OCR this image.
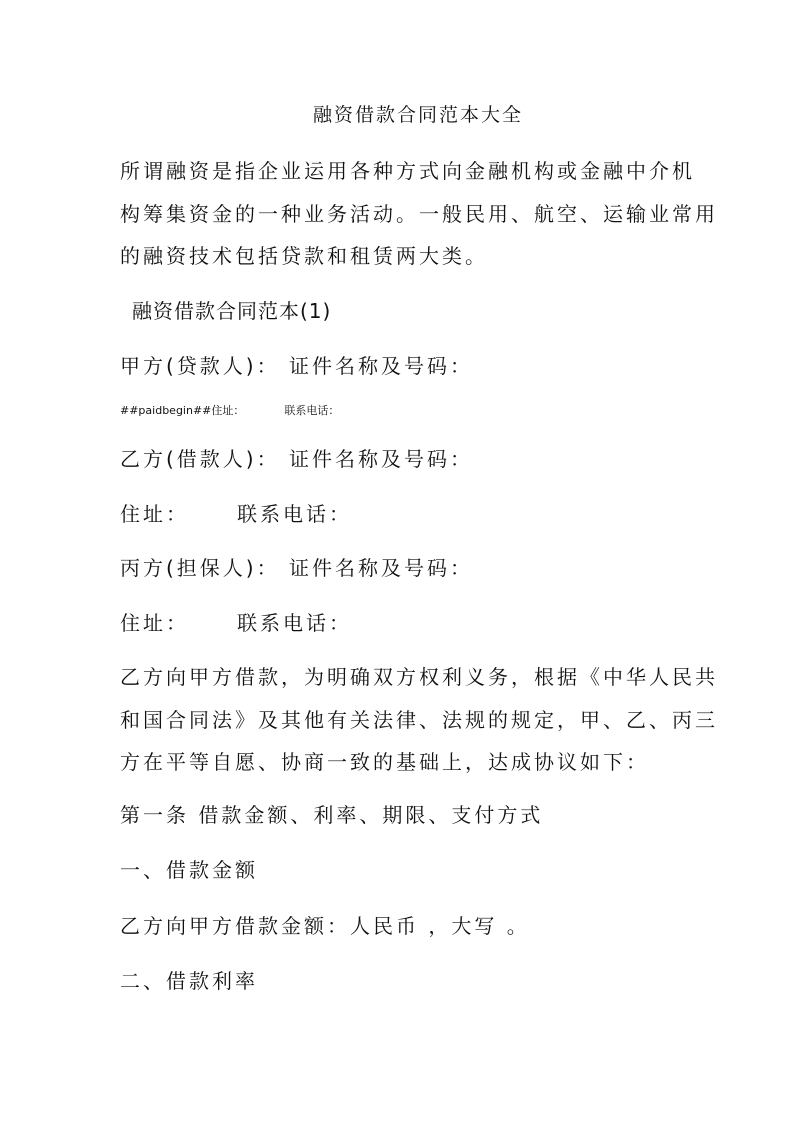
融资借款合同范本大全
所谓融资是指企业运用各种方式向金融机构或金融中介机
构筹集资金的一种业务活动。一般民用、航空、运输业常用
的融资技术包括贷款和租赁两大类。
融资借款合同范本(1)
甲方(贷款人)： 证件名称及号码：
##paidbegin##住址：	联系电话：
乙方(借款人)： 证件名称及号码：
住址： 联系电话：
丙方(担保人)： 证件名称及号码：
住址： 联系电话：
乙方向甲方借款，为明确双方权利义务，根据《中华人民共
和国合同法》及其他有关法律、法规的规定，甲、乙、丙三
方在平等自愿、协商一致的基础上，达成协议如下：
第一条 借款金额、利率、期限、支付方式
一、借款金额
乙方向甲方借款金额：人民币 ，大写 。
二、借款利率
